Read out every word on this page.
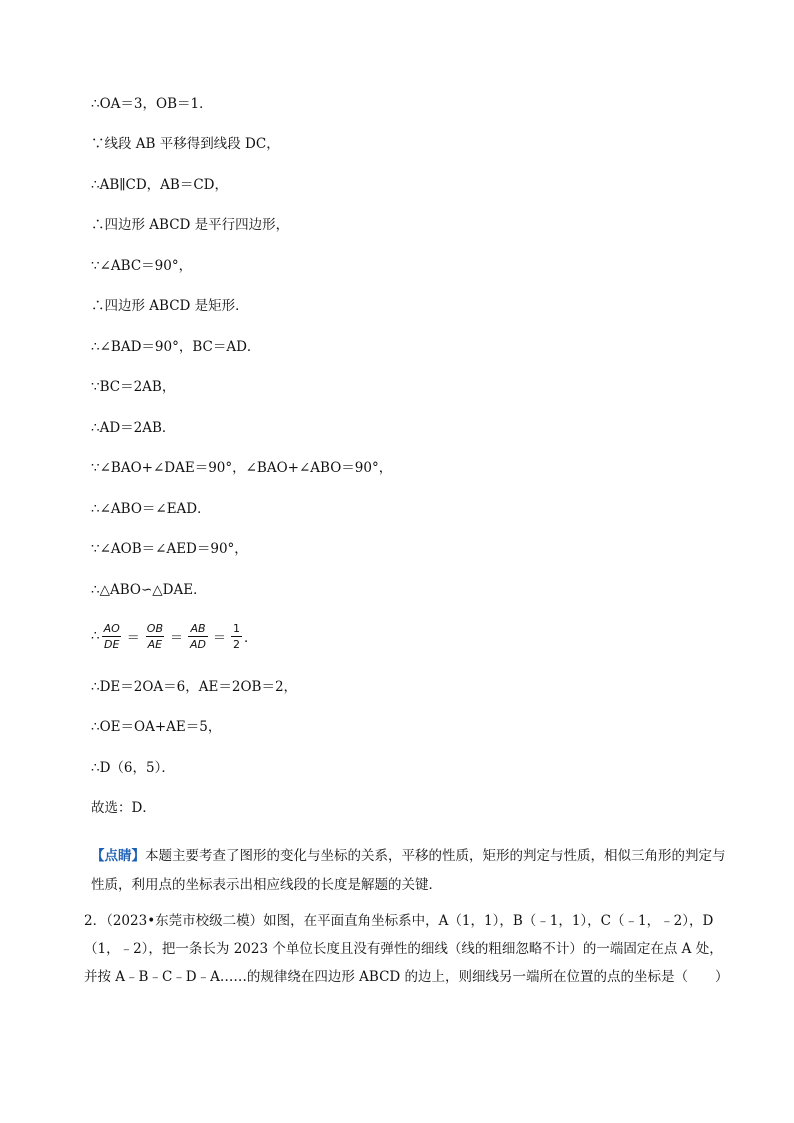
∴OA＝3，OB＝1．
∵线段 AB 平移得到线段 DC，
∴AB∥CD，AB＝CD，
∴四边形 ABCD 是平行四边形，
∵∠ABC＝90°，
∴四边形 ABCD 是矩形．
∴∠BAD＝90°，BC＝AD．
∵BC＝2AB，
∴AD＝2AB．
∵∠BAO+∠DAE＝90°，∠BAO+∠ABO＝90°，
∴∠ABO＝∠EAD．
∵∠AOB＝∠AED＝90°，
∴△ABO∽△DAE．
∴ $\frac{AO}{DE} = \frac{OB}{AE} = \frac{AB}{AD} = \frac{1}{2}$ ．
∴DE＝2OA＝6，AE＝2OB＝2，
∴OE＝OA+AE＝5，
∴D（6，5）．
故选：D．
【点睛】本题主要考查了图形的变化与坐标的关系，平移的性质，矩形的判定与性质，相似三角形的判定与性质，利用点的坐标表示出相应线段的长度是解题的关键．
2．（2023•东莞市校级二模）如图，在平面直角坐标系中，A（1，1），B（﹣1，1），C（﹣1，﹣2），D（1，﹣2），把一条长为 2023 个单位长度且没有弹性的细线（线的粗细忽略不计）的一端固定在点 A 处，并按 A﹣B﹣C﹣D﹣A……的规律绕在四边形 ABCD 的边上，则细线另一端所在位置的点的坐标是（　　）
